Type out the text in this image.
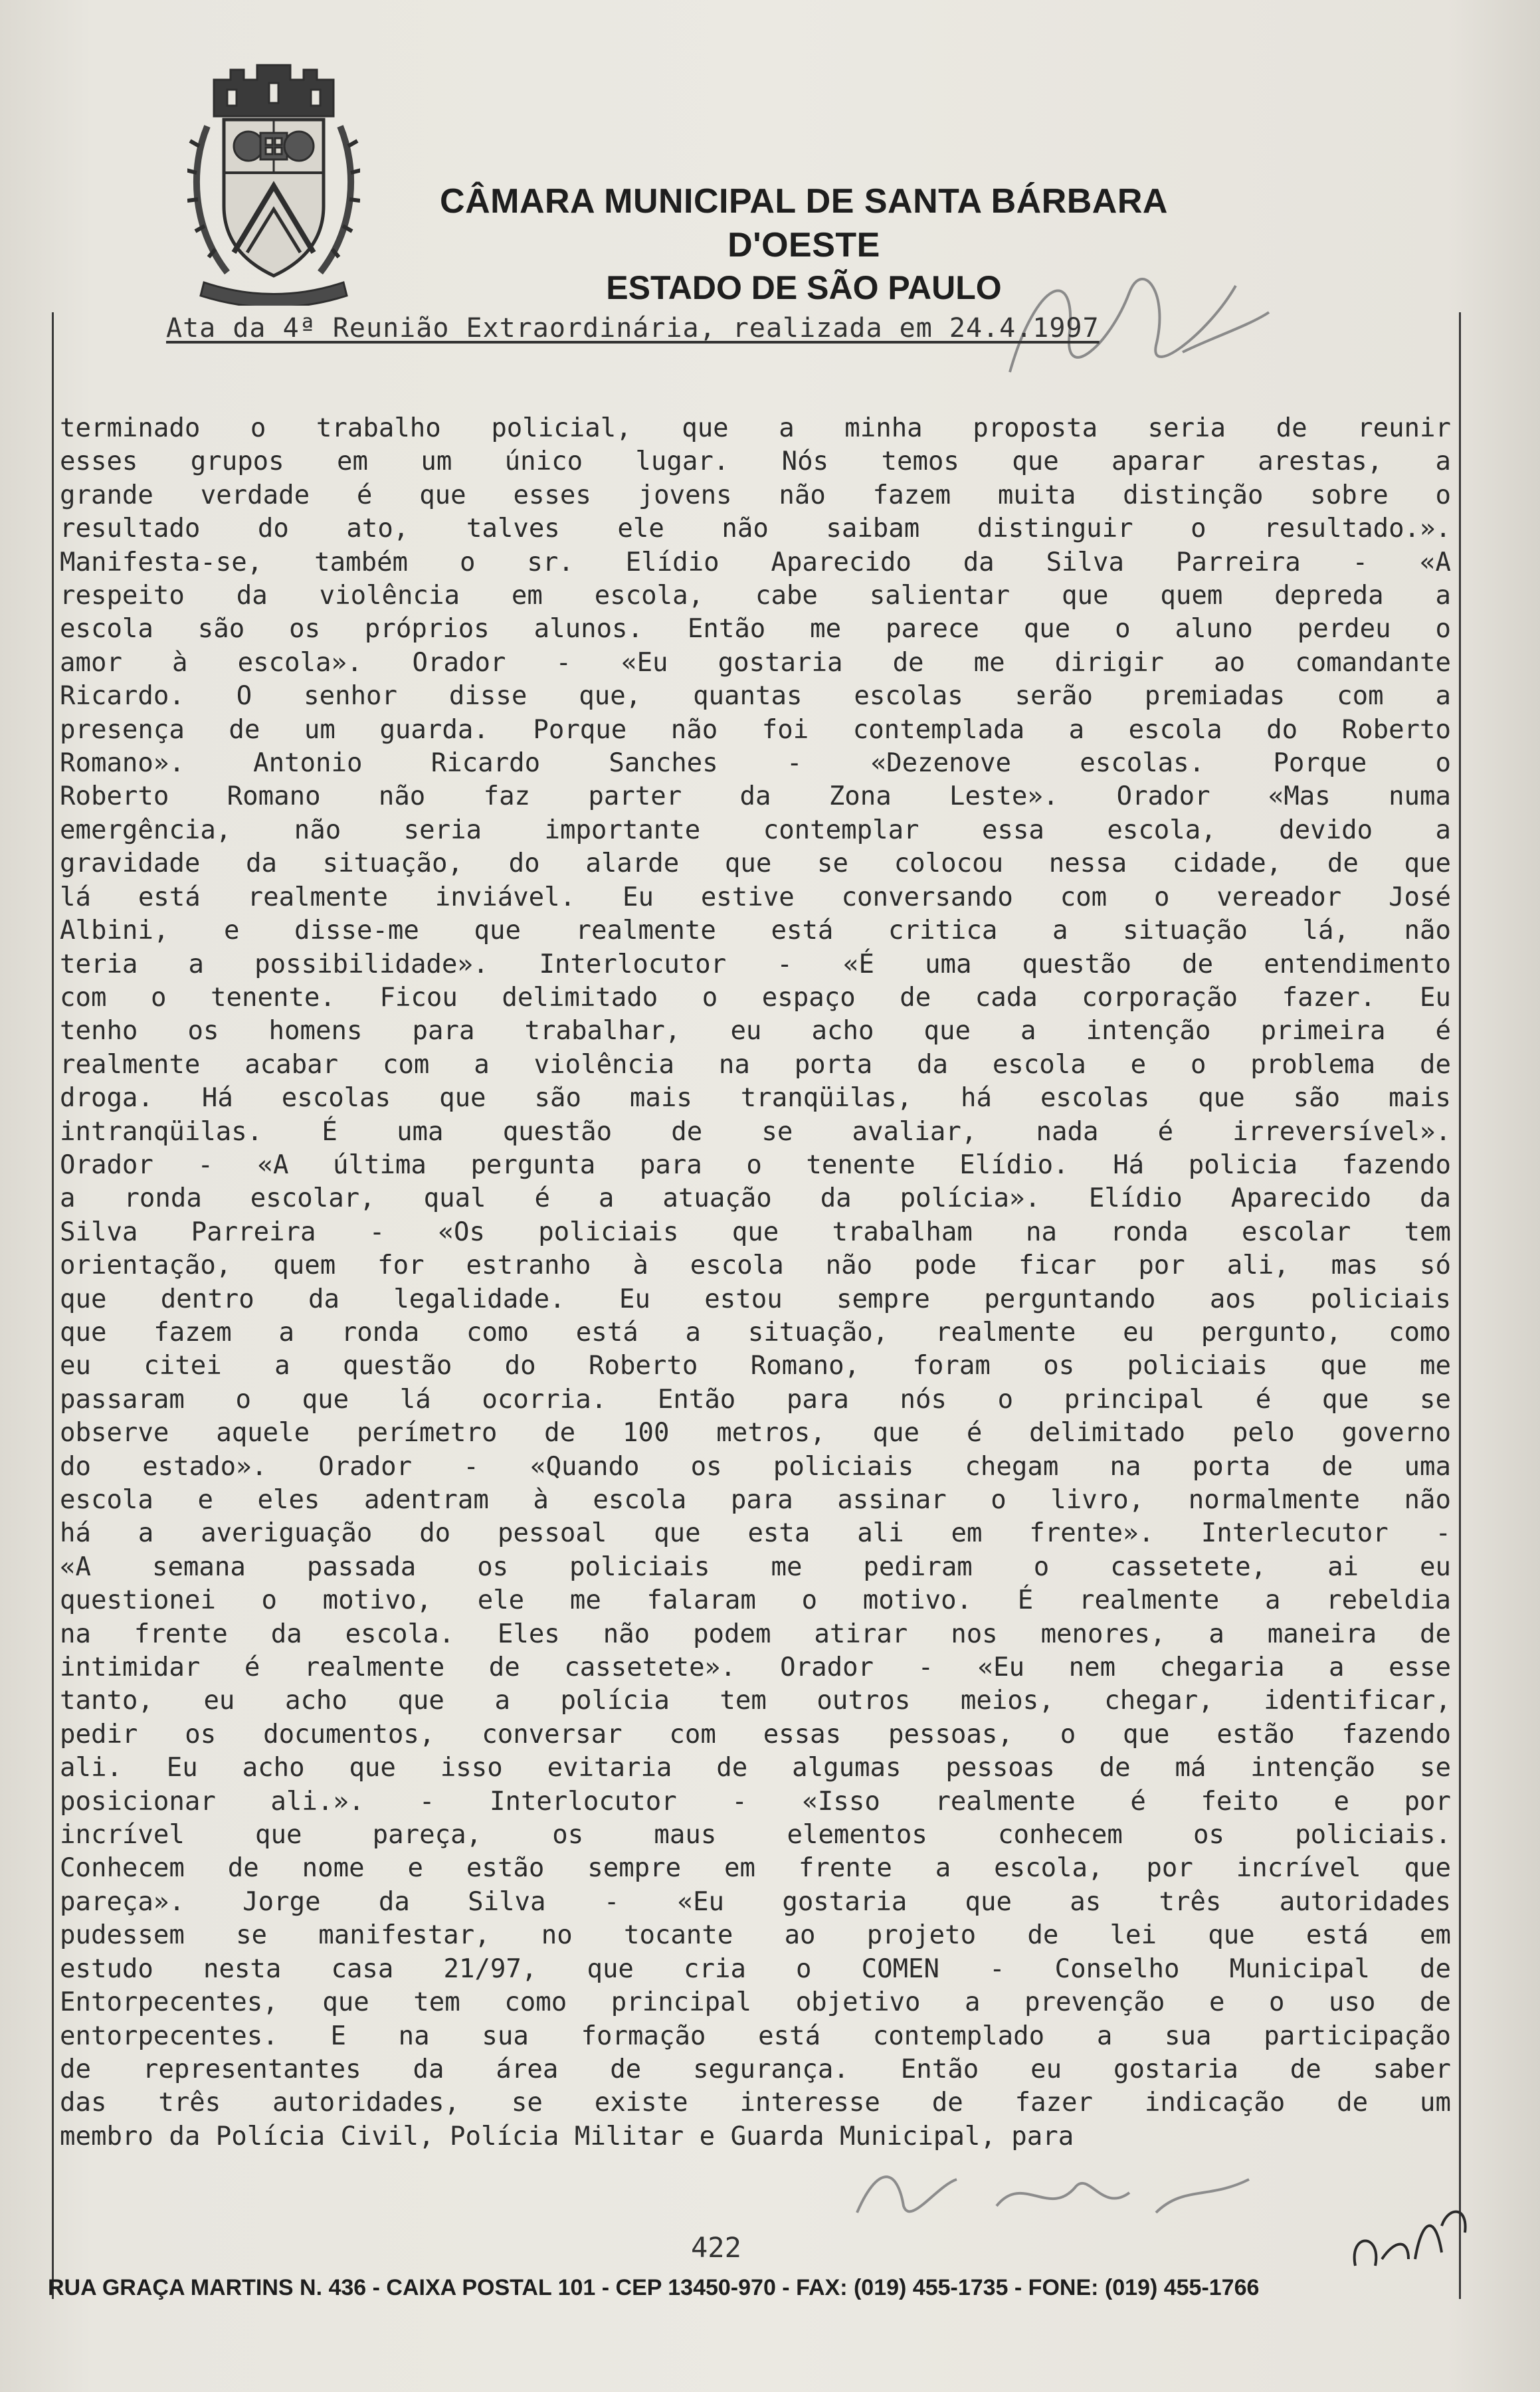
CÂMARA MUNICIPAL DE SANTA BÁRBARA D'OESTE
ESTADO DE SÃO PAULO
Ata da 4ª Reunião Extraordinária, realizada em 24.4.1997
terminado o trabalho policial, que a minha proposta seria de reunir
esses grupos em um único lugar. Nós temos que aparar arestas, a
grande verdade é que esses jovens não fazem muita distinção sobre o
resultado do ato, talves ele não saibam distinguir o resultado.».
Manifesta-se, também o sr. Elídio Aparecido da Silva Parreira - «A
respeito da violência em escola, cabe salientar que quem depreda a
escola são os próprios alunos. Então me parece que o aluno perdeu o
amor à escola». Orador - «Eu gostaria de me dirigir ao comandante
Ricardo. O senhor disse que, quantas escolas serão premiadas com a
presença de um guarda. Porque não foi contemplada a escola do Roberto
Romano». Antonio Ricardo Sanches - «Dezenove escolas. Porque o
Roberto Romano não faz parter da Zona Leste». Orador «Mas numa
emergência, não seria importante contemplar essa escola, devido a
gravidade da situação, do alarde que se colocou nessa cidade, de que
lá está realmente inviável. Eu estive conversando com o vereador José
Albini, e disse-me que realmente está critica a situação lá, não
teria a possibilidade». Interlocutor - «É uma questão de entendimento
com o tenente. Ficou delimitado o espaço de cada corporação fazer. Eu
tenho os homens para trabalhar, eu acho que a intenção primeira é
realmente acabar com a violência na porta da escola e o problema de
droga. Há escolas que são mais tranqüilas, há escolas que são mais
intranqüilas. É uma questão de se avaliar, nada é irreversível».
Orador - «A última pergunta para o tenente Elídio. Há policia fazendo
a ronda escolar, qual é a atuação da polícia». Elídio Aparecido da
Silva Parreira - «Os policiais que trabalham na ronda escolar tem
orientação, quem for estranho à escola não pode ficar por ali, mas só
que dentro da legalidade. Eu estou sempre perguntando aos policiais
que fazem a ronda como está a situação, realmente eu pergunto, como
eu citei a questão do Roberto Romano, foram os policiais que me
passaram o que lá ocorria. Então para nós o principal é que se
observe aquele perímetro de 100 metros, que é delimitado pelo governo
do estado». Orador - «Quando os policiais chegam na porta de uma
escola e eles adentram à escola para assinar o livro, normalmente não
há a averiguação do pessoal que esta ali em frente». Interlecutor -
«A semana passada os policiais me pediram o cassetete, ai eu
questionei o motivo, ele me falaram o motivo. É realmente a rebeldia
na frente da escola. Eles não podem atirar nos menores, a maneira de
intimidar é realmente de cassetete». Orador - «Eu nem chegaria a esse
tanto, eu acho que a polícia tem outros meios, chegar, identificar,
pedir os documentos, conversar com essas pessoas, o que estão fazendo
ali. Eu acho que isso evitaria de algumas pessoas de má intenção se
posicionar ali.». - Interlocutor - «Isso realmente é feito e por
incrível que pareça, os maus elementos conhecem os policiais.
Conhecem de nome e estão sempre em frente a escola, por incrível que
pareça». Jorge da Silva - «Eu gostaria que as três autoridades
pudessem se manifestar, no tocante ao projeto de lei que está em
estudo nesta casa 21/97, que cria o COMEN - Conselho Municipal de
Entorpecentes, que tem como principal objetivo a prevenção e o uso de
entorpecentes. E na sua formação está contemplado a sua participação
de representantes da área de segurança. Então eu gostaria de saber
das três autoridades, se existe interesse de fazer indicação de um
membro da Polícia Civil, Polícia Militar e Guarda Municipal, para
422
RUA GRAÇA MARTINS N. 436 - CAIXA POSTAL 101 - CEP 13450-970 - FAX: (019) 455-1735 - FONE: (019) 455-1766
